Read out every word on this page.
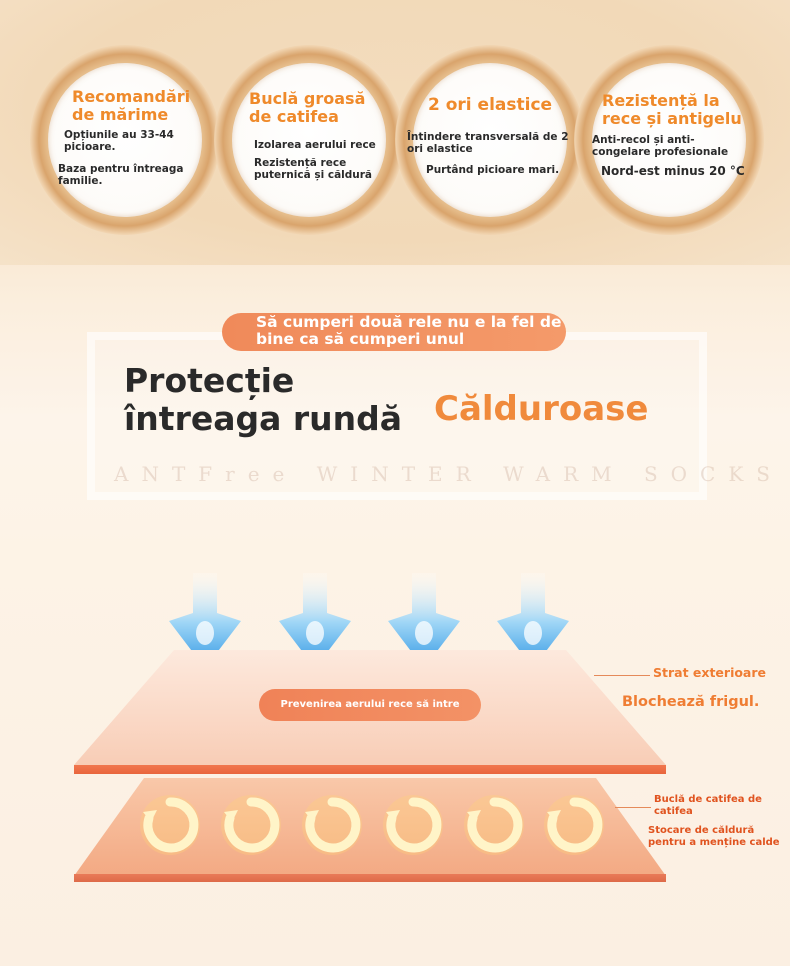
Recomandări de mărime
Opțiunile au 33-44 picioare.
Baza pentru întreaga familie.
Buclă groasă de catifea
Izolarea aerului rece
Rezistență rece puternică și căldură
2 ori elastice
Întindere transversală de 2 ori elastice
Purtând picioare mari.
Rezistență la rece și antigelu
Anti-recol și anti-congelare profesionale
Nord-est minus 20 °C
Să cumperi două rele nu e la fel de bine ca să cumperi unul
Protecție întreaga rundă Călduroase
ANTFree WINTER WARM SOCKS
Prevenirea aerului rece să intre
Strat exterioare
Blochează frigul.
Buclă de catifea de catifea
Stocare de căldură pentru a menține calde
